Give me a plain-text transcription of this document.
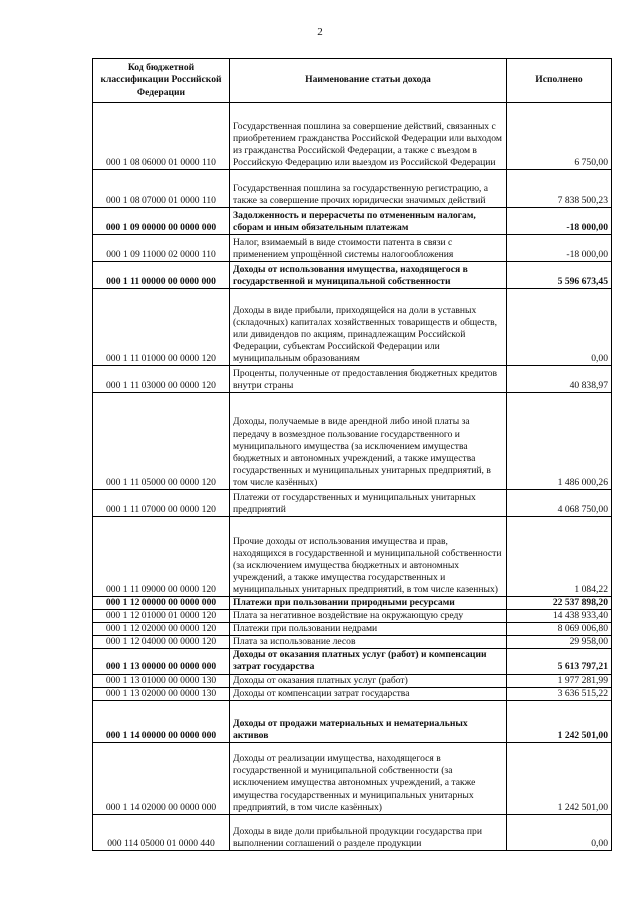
2
Код бюджетной классификации Российской Федерации	Наименование статьи дохода	Исполнено
000 1 08 06000 01 0000 110	Государственная пошлина за совершение действий, связанных с приобретением гражданства Российской Федерации или выходом из гражданства Российской Федерации, а также с въездом в Российскую Федерацию или выездом из Российской Федерации	6 750,00
000 1 08 07000 01 0000 110	Государственная пошлина за государственную регистрацию, а также за совершение прочих юридически значимых действий	7 838 500,23
000 1 09 00000 00 0000 000	Задолженность и перерасчеты по отмененным налогам, сборам и иным обязательным платежам	-18 000,00
000 1 09 11000 02 0000 110	Налог, взимаемый в виде стоимости патента в связи с применением упрощённой системы налогообложения	-18 000,00
000 1 11 00000 00 0000 000	Доходы от использования имущества, находящегося в государственной и муниципальной собственности	5 596 673,45
000 1 11 01000 00 0000 120	Доходы в виде прибыли, приходящейся на доли в уставных (складочных) капиталах хозяйственных товариществ и обществ, или дивидендов по акциям, принадлежащим Российской Федерации, субъектам Российской Федерации или муниципальным образованиям	0,00
000 1 11 03000 00 0000 120	Проценты, полученные от предоставления бюджетных кредитов внутри страны	40 838,97
000 1 11 05000 00 0000 120	Доходы, получаемые в виде арендной либо иной платы за передачу в возмездное пользование государственного и муниципального имущества (за исключением имущества бюджетных и автономных учреждений, а также имущества государственных и муниципальных унитарных предприятий, в том числе казённых)	1 486 000,26
000 1 11 07000 00 0000 120	Платежи от государственных и муниципальных унитарных предприятий	4 068 750,00
000 1 11 09000 00 0000 120	Прочие доходы от использования имущества и прав, находящихся в государственной и муниципальной собственности (за исключением имущества бюджетных и автономных учреждений, а также имущества государственных и муниципальных унитарных предприятий, в том числе казенных)	1 084,22
000 1 12 00000 00 0000 000	Платежи при пользовании природными ресурсами	22 537 898,20
000 1 12 01000 01 0000 120	Плата за негативное воздействие на окружающую среду	14 438 933,40
000 1 12 02000 00 0000 120	Платежи при пользовании недрами	8 069 006,80
000 1 12 04000 00 0000 120	Плата за использование лесов	29 958,00
000 1 13 00000 00 0000 000	Доходы от оказания платных услуг (работ) и компенсации затрат государства	5 613 797,21
000 1 13 01000 00 0000 130	Доходы от оказания платных услуг (работ)	1 977 281,99
000 1 13 02000 00 0000 130	Доходы от компенсации затрат государства	3 636 515,22
000 1 14 00000 00 0000 000	Доходы от продажи материальных и нематериальных активов	1 242 501,00
000 1 14 02000 00 0000 000	Доходы от реализации имущества, находящегося в государственной и муниципальной собственности (за исключением имущества автономных учреждений, а также имущества государственных и муниципальных унитарных предприятий, в том числе казённых)	1 242 501,00
000 114 05000 01 0000 440	Доходы в виде доли прибыльной продукции государства при выполнении соглашений о разделе продукции	0,00
